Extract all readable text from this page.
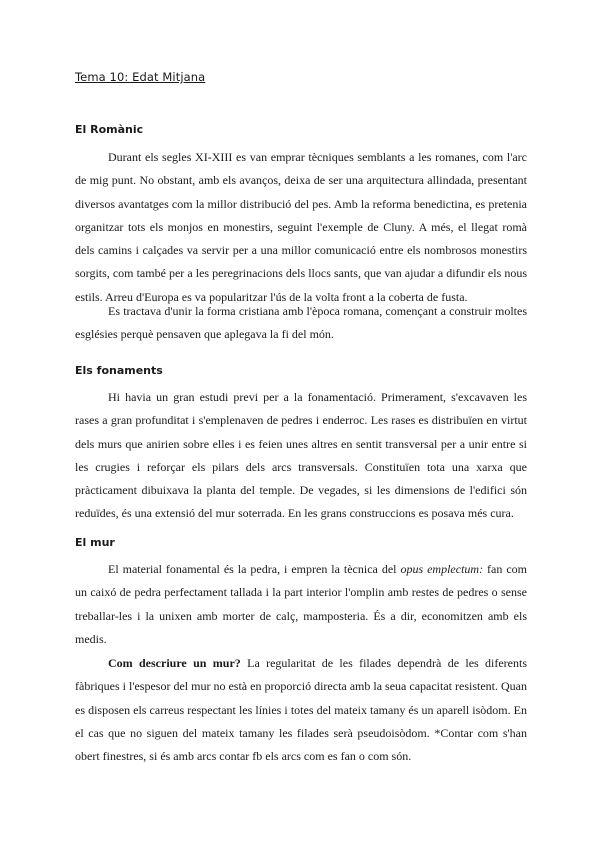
Tema 10: Edat Mitjana
El Romànic

Durant els segles XI-XIII es van emprar tècniques semblants a les romanes, com l'arc de mig punt. No obstant, amb els avanços, deixa de ser una arquitectura allindada, presentant diversos avantatges com la millor distribució del pes. Amb la reforma benedictina, es pretenia organitzar tots els monjos en monestirs, seguint l'exemple de Cluny. A més, el llegat romà dels camins i calçades va servir per a una millor comunicació entre els nombrosos monestirs sorgits, com també per a les peregrinacions dels llocs sants, que van ajudar a difundir els nous estils. Arreu d'Europa es va popularitzar l'ús de la volta front a la coberta de fusta.

Es tractava d'unir la forma cristiana amb l'època romana, començant a construir moltes esglésies perquè pensaven que aplegava la fi del món.

Els fonaments

Hi havia un gran estudi previ per a la fonamentació. Primerament, s'excavaven les rases a gran profunditat i s'emplenaven de pedres i enderroc. Les rases es distribuïen en virtut dels murs que anirien sobre elles i es feien unes altres en sentit transversal per a unir entre si les crugies i reforçar els pilars dels arcs transversals. Constituïen tota una xarxa que pràcticament dibuixava la planta del temple. De vegades, si les dimensions de l'edifici són reduïdes, és una extensió del mur soterrada. En les grans construccions es posava més cura.

El mur

El material fonamental és la pedra, i empren la tècnica del opus emplectum: fan com un caixó de pedra perfectament tallada i la part interior l'omplin amb restes de pedres o sense treballar-les i la unixen amb morter de calç, mamposteria. És a dir, economitzen amb els medis.

Com descriure un mur? La regularitat de les filades dependrà de les diferents fàbriques i l'espesor del mur no està en proporció directa amb la seua capacitat resistent. Quan es disposen els carreus respectant les línies i totes del mateix tamany és un aparell isòdom. En el cas que no siguen del mateix tamany les filades serà pseudoisòdom. *Contar com s'han obert finestres, si és amb arcs contar fb els arcs com es fan o com són.
